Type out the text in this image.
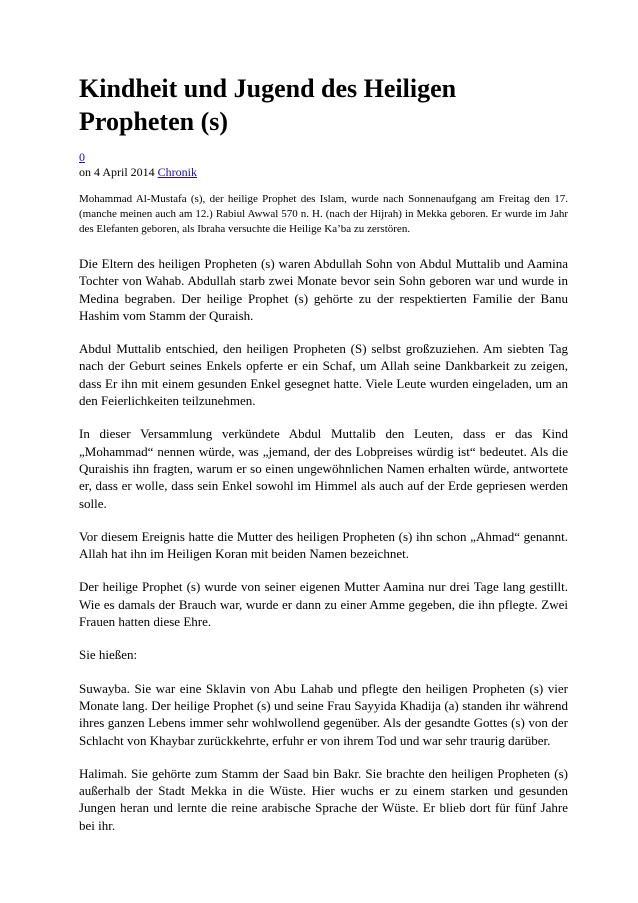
Kindheit und Jugend des Heiligen Propheten (s)
0
on 4 April 2014 Chronik

Mohammad Al-Mustafa (s), der heilige Prophet des Islam, wurde nach Sonnenaufgang am Freitag den 17. (manche meinen auch am 12.) Rabiul Awwal 570 n. H. (nach der Hijrah) in Mekka geboren. Er wurde im Jahr des Elefanten geboren, als Ibraha versuchte die Heilige Ka’ba zu zerstören.

Die Eltern des heiligen Propheten (s) waren Abdullah Sohn von Abdul Muttalib und Aamina Tochter von Wahab. Abdullah starb zwei Monate bevor sein Sohn geboren war und wurde in Medina begraben. Der heilige Prophet (s) gehörte zu der respektierten Familie der Banu Hashim vom Stamm der Quraish.

Abdul Muttalib entschied, den heiligen Propheten (S) selbst großzuziehen. Am siebten Tag nach der Geburt seines Enkels opferte er ein Schaf, um Allah seine Dankbarkeit zu zeigen, dass Er ihn mit einem gesunden Enkel gesegnet hatte. Viele Leute wurden eingeladen, um an den Feierlichkeiten teilzunehmen.

In dieser Versammlung verkündete Abdul Muttalib den Leuten, dass er das Kind „Mohammad“ nennen würde, was „jemand, der des Lobpreises würdig ist“ bedeutet. Als die Quraishis ihn fragten, warum er so einen ungewöhnlichen Namen erhalten würde, antwortete er, dass er wolle, dass sein Enkel sowohl im Himmel als auch auf der Erde gepriesen werden solle.

Vor diesem Ereignis hatte die Mutter des heiligen Propheten (s) ihn schon „Ahmad“ genannt. Allah hat ihn im Heiligen Koran mit beiden Namen bezeichnet.

Der heilige Prophet (s) wurde von seiner eigenen Mutter Aamina nur drei Tage lang gestillt. Wie es damals der Brauch war, wurde er dann zu einer Amme gegeben, die ihn pflegte. Zwei Frauen hatten diese Ehre.

Sie hießen:

Suwayba. Sie war eine Sklavin von Abu Lahab und pflegte den heiligen Propheten (s) vier Monate lang. Der heilige Prophet (s) und seine Frau Sayyida Khadija (a) standen ihr während ihres ganzen Lebens immer sehr wohlwollend gegenüber. Als der gesandte Gottes (s) von der Schlacht von Khaybar zurückkehrte, erfuhr er von ihrem Tod und war sehr traurig darüber.

Halimah. Sie gehörte zum Stamm der Saad bin Bakr. Sie brachte den heiligen Propheten (s) außerhalb der Stadt Mekka in die Wüste. Hier wuchs er zu einem starken und gesunden Jungen heran und lernte die reine arabische Sprache der Wüste. Er blieb dort für fünf Jahre bei ihr.
